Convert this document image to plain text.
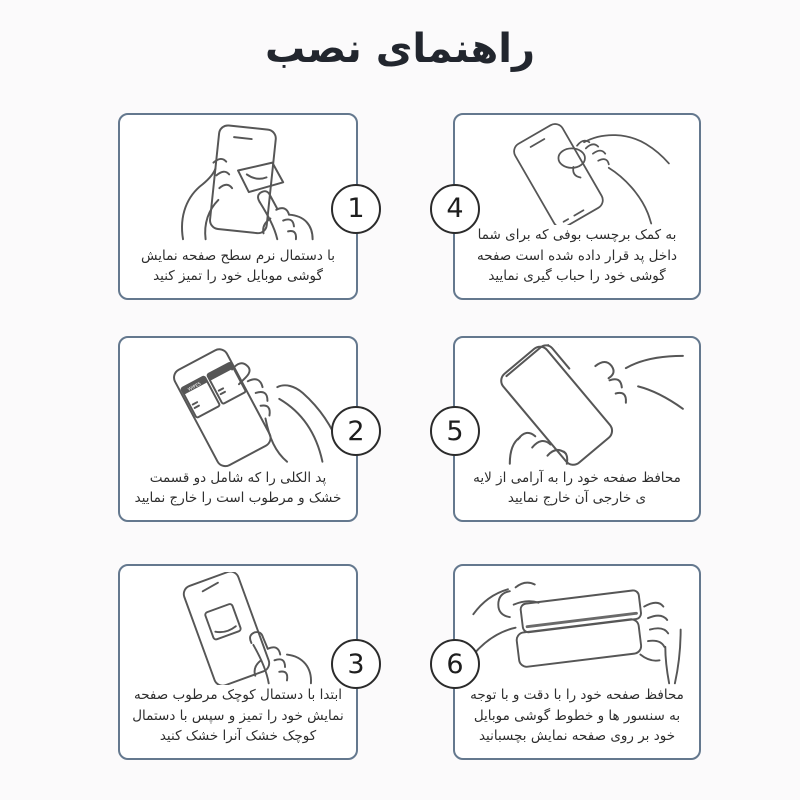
راهنمای نصب
با دستمال نرم سطح صفحه نمایش گوشی موبایل خود را تمیز کنید
1
WIPES
1 2
پد الکلی را که شامل دو قسمت خشک و مرطوب است را خارج نمایید
2
ابتدا با دستمال کوچک مرطوب صفحه نمایش خود را تمیز و سپس با دستمال کوچک خشک آنرا خشک کنید
3
به کمک برچسب بوفی که برای شما داخل پد قرار داده شده است صفحه گوشی خود را حباب گیری نمایید
4
محافظ صفحه خود را به آرامی از لایه ی خارجی آن خارج نمایید
5
محافظ صفحه خود را با دقت و با توجه به سنسور ها و خطوط گوشی موبایل خود بر روی صفحه نمایش بچسبانید
6
